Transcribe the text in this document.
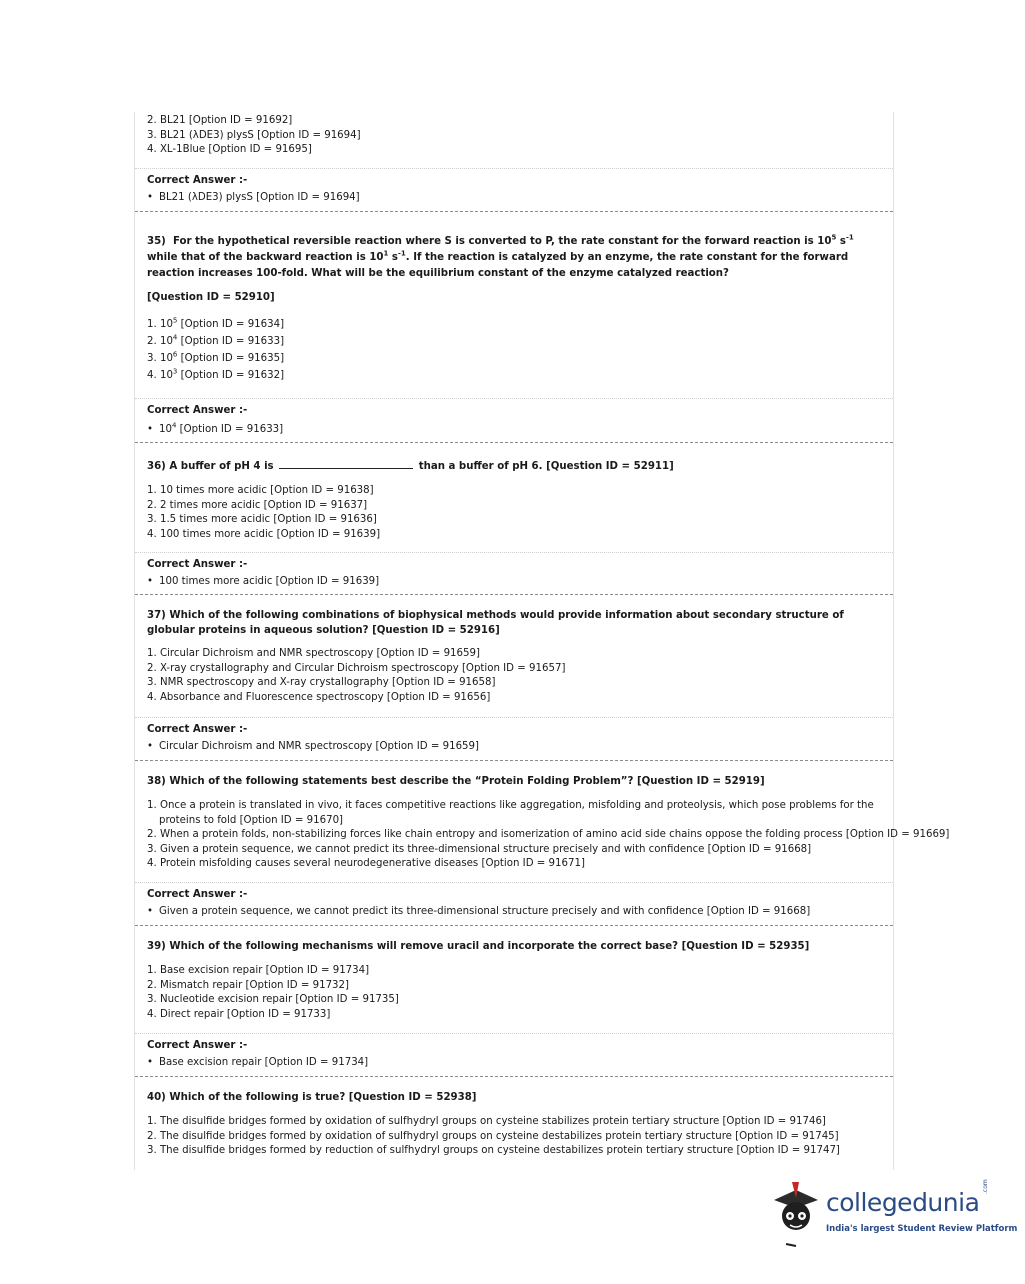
2. BL21 [Option ID = 91692]
3. BL21 (λDE3) plysS [Option ID = 91694]
4. XL-1Blue [Option ID = 91695]
Correct Answer :-
• BL21 (λDE3) plysS [Option ID = 91694]
35) For the hypothetical reversible reaction where S is converted to P, the rate constant for the forward reaction is $10^5$ $s^{-1}$ while that of the backward reaction is $10^1$ $s^{-1}$. If the reaction is catalyzed by an enzyme, the rate constant for the forward reaction increases 100-fold. What will be the equilibrium constant of the enzyme catalyzed reaction?
[Question ID = 52910]
1. $10^5$ [Option ID = 91634]
2. $10^4$ [Option ID = 91633]
3. $10^6$ [Option ID = 91635]
4. $10^3$ [Option ID = 91632]
Correct Answer :-
• $10^4$ [Option ID = 91633]
36) A buffer of pH 4 is	than a buffer of pH 6. [Question ID = 52911]
1. 10 times more acidic [Option ID = 91638]
2. 2 times more acidic [Option ID = 91637]
3. 1.5 times more acidic [Option ID = 91636]
4. 100 times more acidic [Option ID = 91639]
Correct Answer :-
• 100 times more acidic [Option ID = 91639]
37) Which of the following combinations of biophysical methods would provide information about secondary structure of globular proteins in aqueous solution? [Question ID = 52916]
1. Circular Dichroism and NMR spectroscopy [Option ID = 91659]
2. X-ray crystallography and Circular Dichroism spectroscopy [Option ID = 91657]
3. NMR spectroscopy and X-ray crystallography [Option ID = 91658]
4. Absorbance and Fluorescence spectroscopy [Option ID = 91656]
Correct Answer :-
• Circular Dichroism and NMR spectroscopy [Option ID = 91659]
38) Which of the following statements best describe the “Protein Folding Problem”? [Question ID = 52919]
1. Once a protein is translated in vivo, it faces competitive reactions like aggregation, misfolding and proteolysis, which pose problems for the proteins to fold [Option ID = 91670]
2. When a protein folds, non-stabilizing forces like chain entropy and isomerization of amino acid side chains oppose the folding process [Option ID = 91669]
3. Given a protein sequence, we cannot predict its three-dimensional structure precisely and with confidence [Option ID = 91668]
4. Protein misfolding causes several neurodegenerative diseases [Option ID = 91671]
Correct Answer :-
• Given a protein sequence, we cannot predict its three-dimensional structure precisely and with confidence [Option ID = 91668]
39) Which of the following mechanisms will remove uracil and incorporate the correct base? [Question ID = 52935]
1. Base excision repair [Option ID = 91734]
2. Mismatch repair [Option ID = 91732]
3. Nucleotide excision repair [Option ID = 91735]
4. Direct repair [Option ID = 91733]
Correct Answer :-
• Base excision repair [Option ID = 91734]
40) Which of the following is true? [Question ID = 52938]
1. The disulfide bridges formed by oxidation of sulfhydryl groups on cysteine stabilizes protein tertiary structure [Option ID = 91746]
2. The disulfide bridges formed by oxidation of sulfhydryl groups on cysteine destabilizes protein tertiary structure [Option ID = 91745]
3. The disulfide bridges formed by reduction of sulfhydryl groups on cysteine destabilizes protein tertiary structure [Option ID = 91747]
collegedunia
.com
India's largest Student Review Platform
